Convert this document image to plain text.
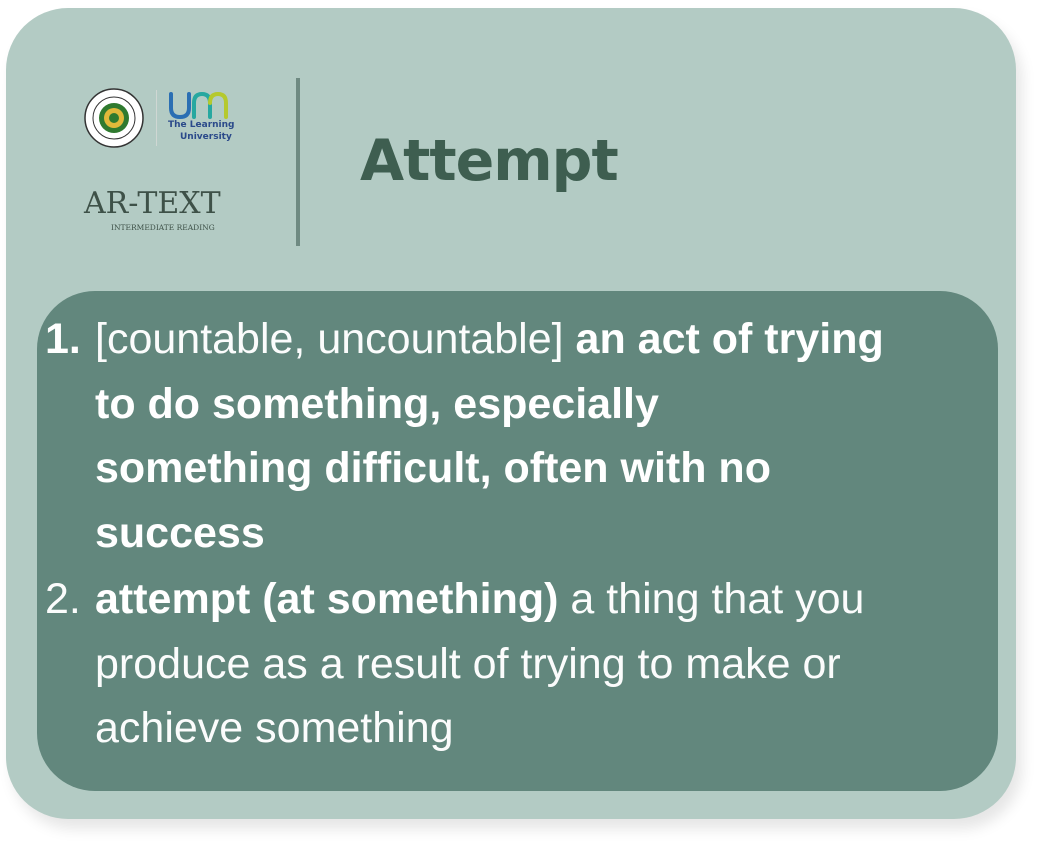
The Learning
University
AR-TEXT
INTERMEDIATE READING
Attempt
1. [countable, uncountable] an act of trying to do something, especially something difficult, often with no success
2. attempt (at something) a thing that you produce as a result of trying to make or achieve something
